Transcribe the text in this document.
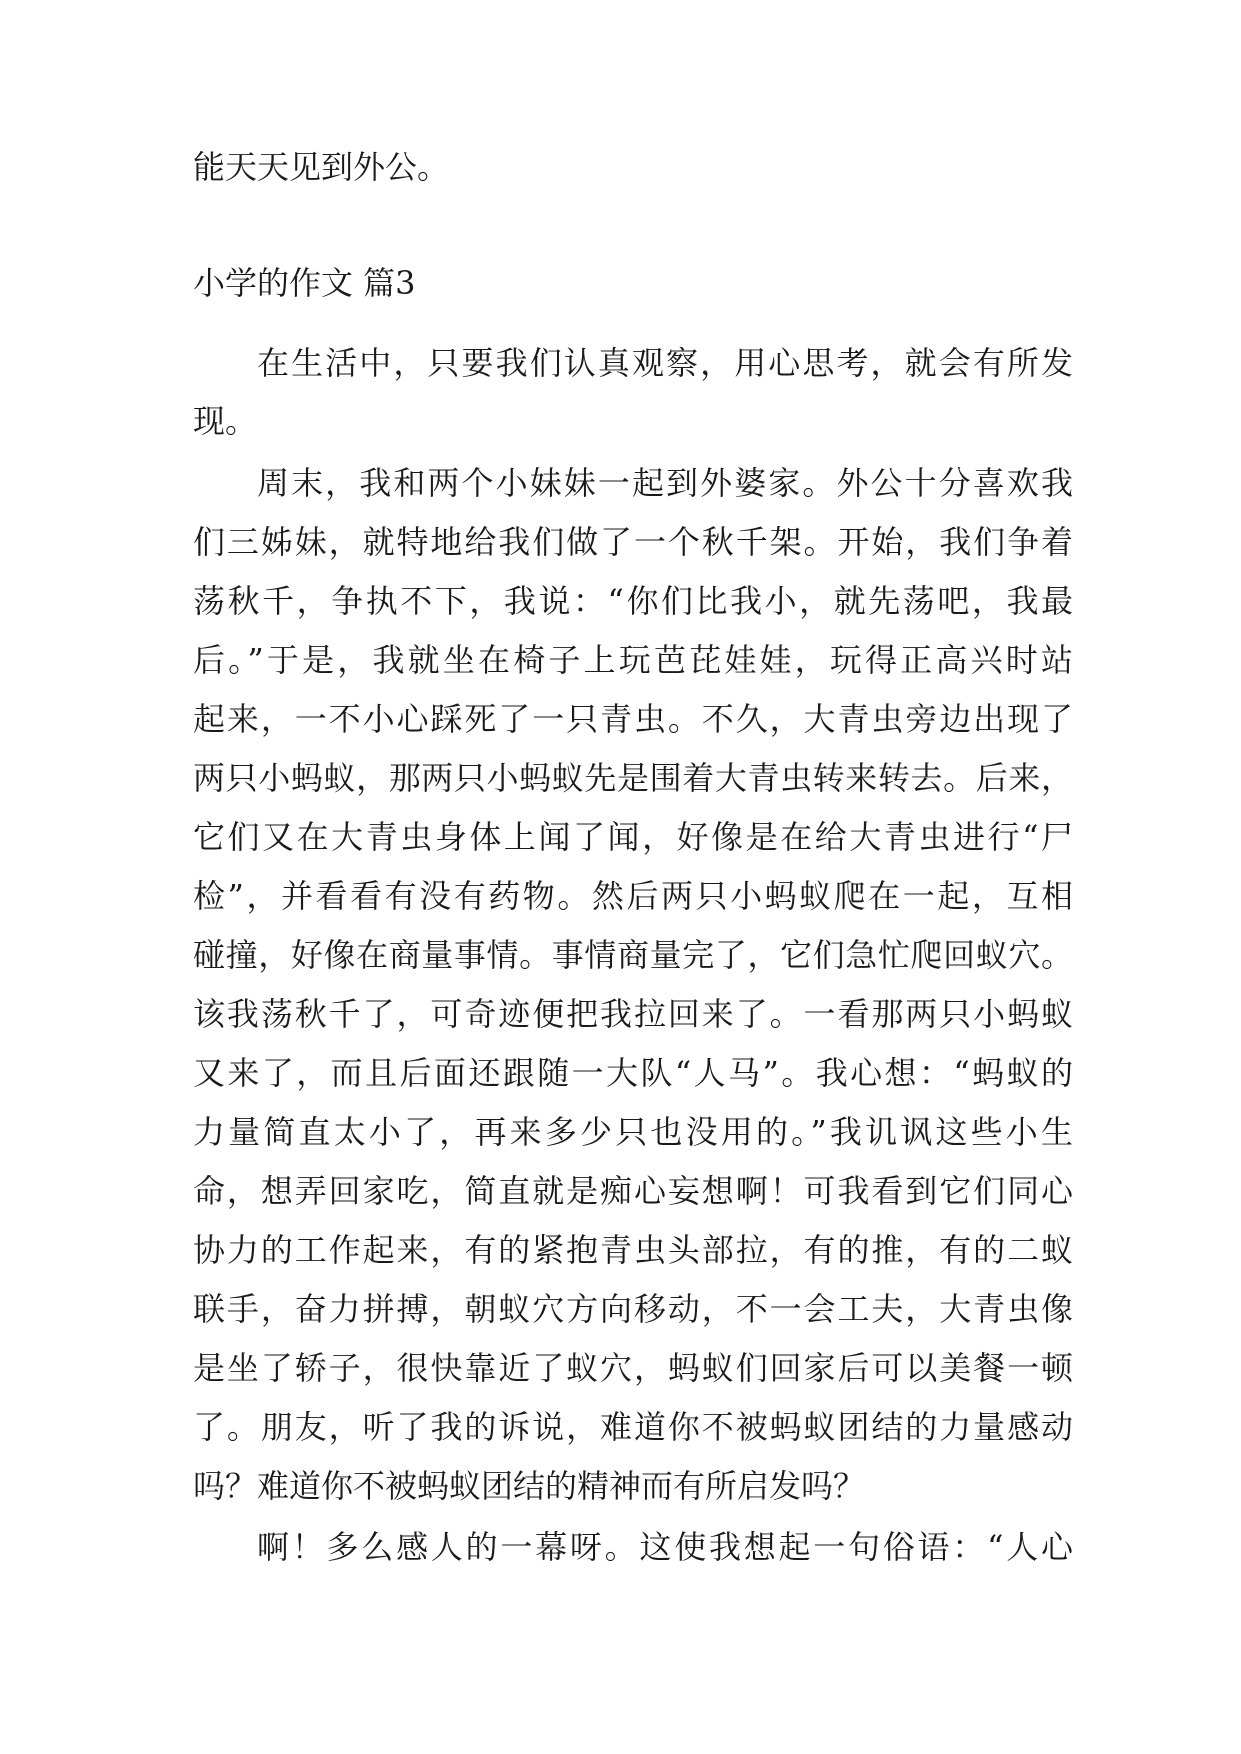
能天天见到外公。
小学的作文 篇3
在生活中，只要我们认真观察，用心思考，就会有所发
现。
周末，我和两个小妹妹一起到外婆家。外公十分喜欢我
们三姊妹，就特地给我们做了一个秋千架。开始，我们争着
荡秋千，争执不下，我说：“你们比我小，就先荡吧，我最
后。”于是，我就坐在椅子上玩芭芘娃娃，玩得正高兴时站
起来，一不小心踩死了一只青虫。不久，大青虫旁边出现了
两只小蚂蚁，那两只小蚂蚁先是围着大青虫转来转去。后来，
它们又在大青虫身体上闻了闻，好像是在给大青虫进行“尸
检”，并看看有没有药物。然后两只小蚂蚁爬在一起，互相
碰撞，好像在商量事情。事情商量完了，它们急忙爬回蚁穴。
该我荡秋千了，可奇迹便把我拉回来了。一看那两只小蚂蚁
又来了，而且后面还跟随一大队“人马”。我心想：“蚂蚁的
力量简直太小了，再来多少只也没用的。”我讥讽这些小生
命，想弄回家吃，简直就是痴心妄想啊！可我看到它们同心
协力的工作起来，有的紧抱青虫头部拉，有的推，有的二蚁
联手，奋力拼搏，朝蚁穴方向移动，不一会工夫，大青虫像
是坐了轿子，很快靠近了蚁穴，蚂蚁们回家后可以美餐一顿
了。朋友，听了我的诉说，难道你不被蚂蚁团结的力量感动
吗？难道你不被蚂蚁团结的精神而有所启发吗？
啊！多么感人的一幕呀。这使我想起一句俗语：“人心
